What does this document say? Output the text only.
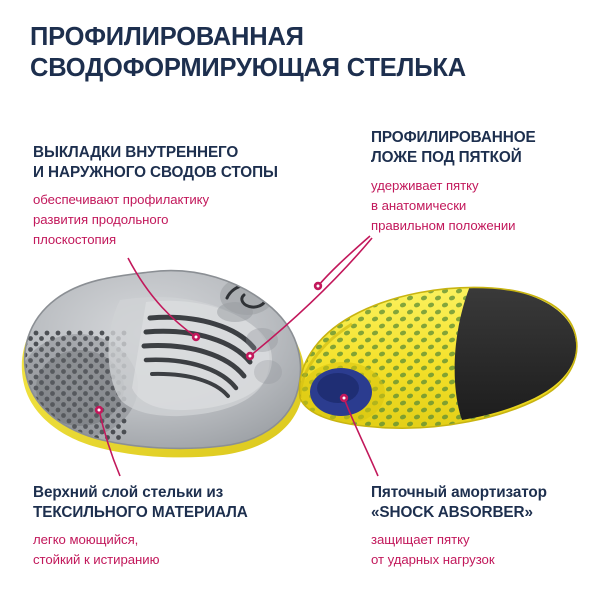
ПРОФИЛИРОВАННАЯ
СВОДОФОРМИРУЮЩАЯ СТЕЛЬКА
ВЫКЛАДКИ ВНУТРЕННЕГО
И НАРУЖНОГО СВОДОВ СТОПЫ
обеспечивают профилактику
развития продольного
плоскостопия
ПРОФИЛИРОВАННОЕ
ЛОЖЕ ПОД ПЯТКОЙ
удерживает пятку
в анатомически
правильном положении
Верхний слой стельки из
ТЕКСИЛЬНОГО МАТЕРИАЛА
легко моющийся,
стойкий к истиранию
Пяточный амортизатор
«SHOCK ABSORBER»
защищает пятку
от ударных нагрузок
